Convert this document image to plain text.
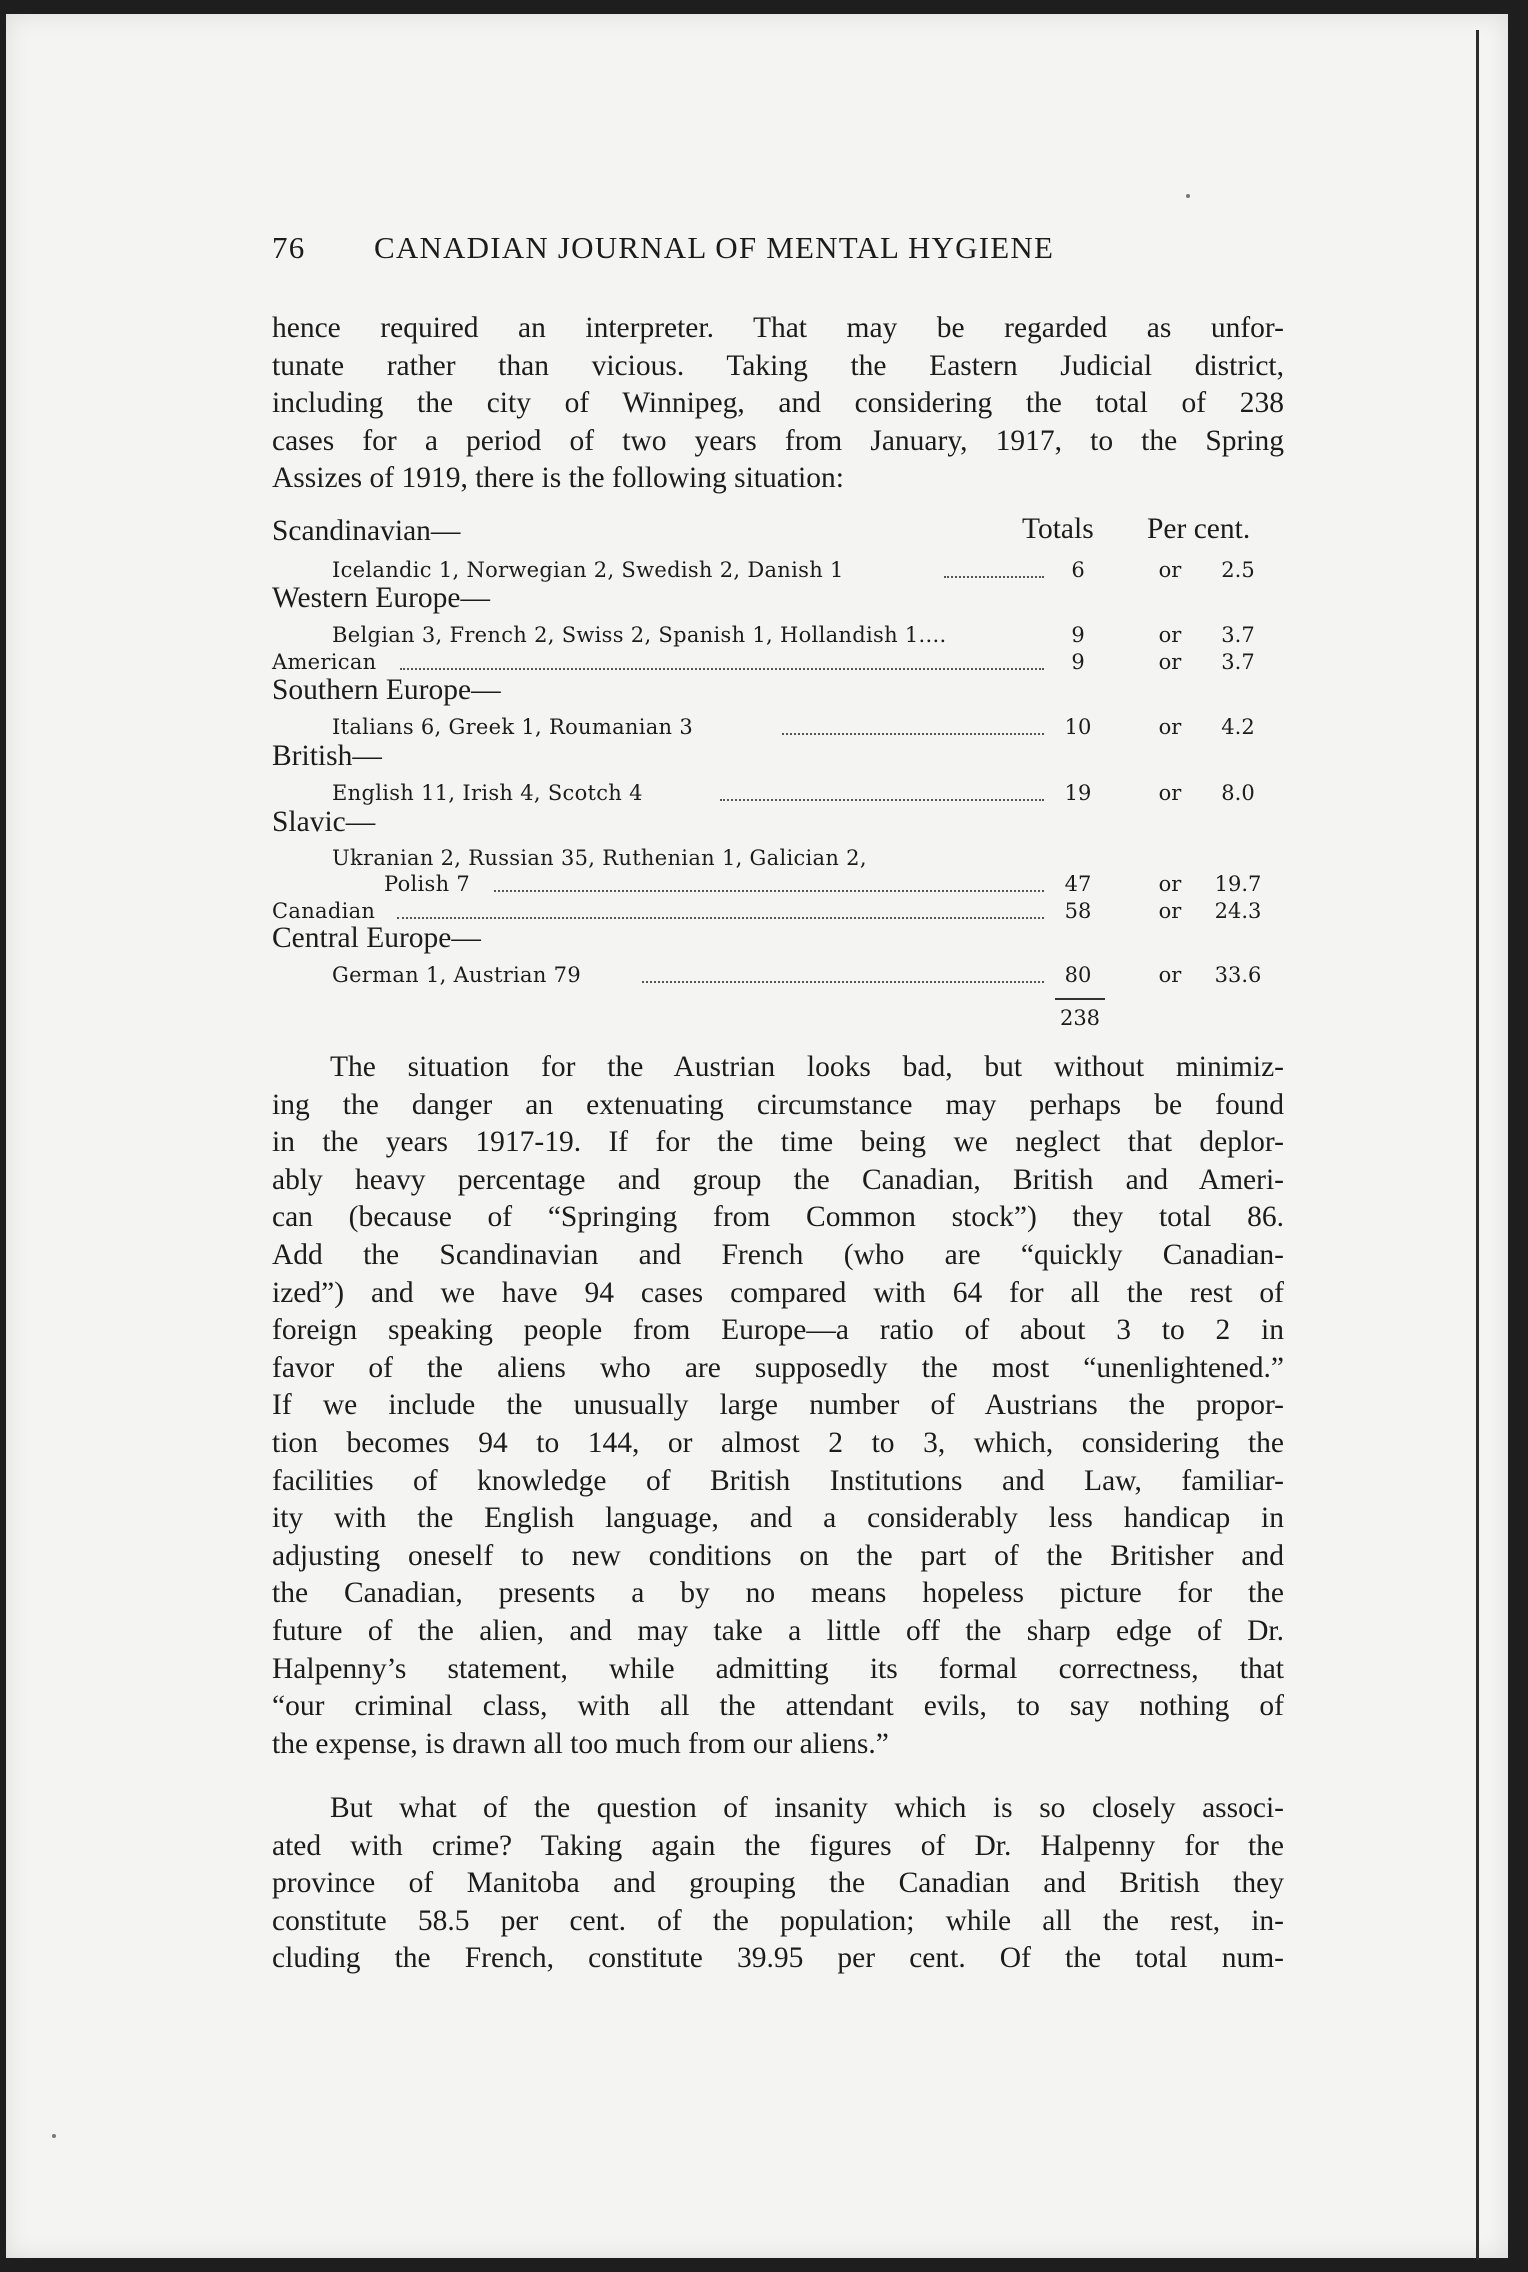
76 CANADIAN JOURNAL OF MENTAL HYGIENE

hence required an interpreter. That may be regarded as unfor-

tunate rather than vicious. Taking the Eastern Judicial district,

including the city of Winnipeg, and considering the total of 238

cases for a period of two years from January, 1917, to the Spring

Assizes of 1919, there is the following situation:

Totals Per cent.
Scandinavian—
Icelandic 1, Norwegian 2, Swedish 2, Danish 1	6	or	2.5
Western Europe—
Belgian 3, French 2, Swiss 2, Spanish 1, Hollandish 1....	9	or	3.7
American	9	or	3.7
Southern Europe—
Italians 6, Greek 1, Roumanian 3	10	or	4.2
British—
English 11, Irish 4, Scotch 4	19	or	8.0
Slavic—
Ukranian 2, Russian 35, Ruthenian 1, Galician 2,
Polish 7	47	or	19.7
Canadian	58	or	24.3
Central Europe—
German 1, Austrian 79	80	or	33.6
238

The situation for the Austrian looks bad, but without minimiz-

ing the danger an extenuating circumstance may perhaps be found

in the years 1917-19. If for the time being we neglect that deplor-

ably heavy percentage and group the Canadian, British and Ameri-

can (because of “Springing from Common stock”) they total 86.

Add the Scandinavian and French (who are “quickly Canadian-

ized”) and we have 94 cases compared with 64 for all the rest of

foreign speaking people from Europe—a ratio of about 3 to 2 in

favor of the aliens who are supposedly the most “unenlightened.”

If we include the unusually large number of Austrians the propor-

tion becomes 94 to 144, or almost 2 to 3, which, considering the

facilities of knowledge of British Institutions and Law, familiar-

ity with the English language, and a considerably less handicap in

adjusting oneself to new conditions on the part of the Britisher and

the Canadian, presents a by no means hopeless picture for the

future of the alien, and may take a little off the sharp edge of Dr.

Halpenny’s statement, while admitting its formal correctness, that

“our criminal class, with all the attendant evils, to say nothing of

the expense, is drawn all too much from our aliens.”

But what of the question of insanity which is so closely associ-

ated with crime? Taking again the figures of Dr. Halpenny for the

province of Manitoba and grouping the Canadian and British they

constitute 58.5 per cent. of the population; while all the rest, in-

cluding the French, constitute 39.95 per cent. Of the total num-
